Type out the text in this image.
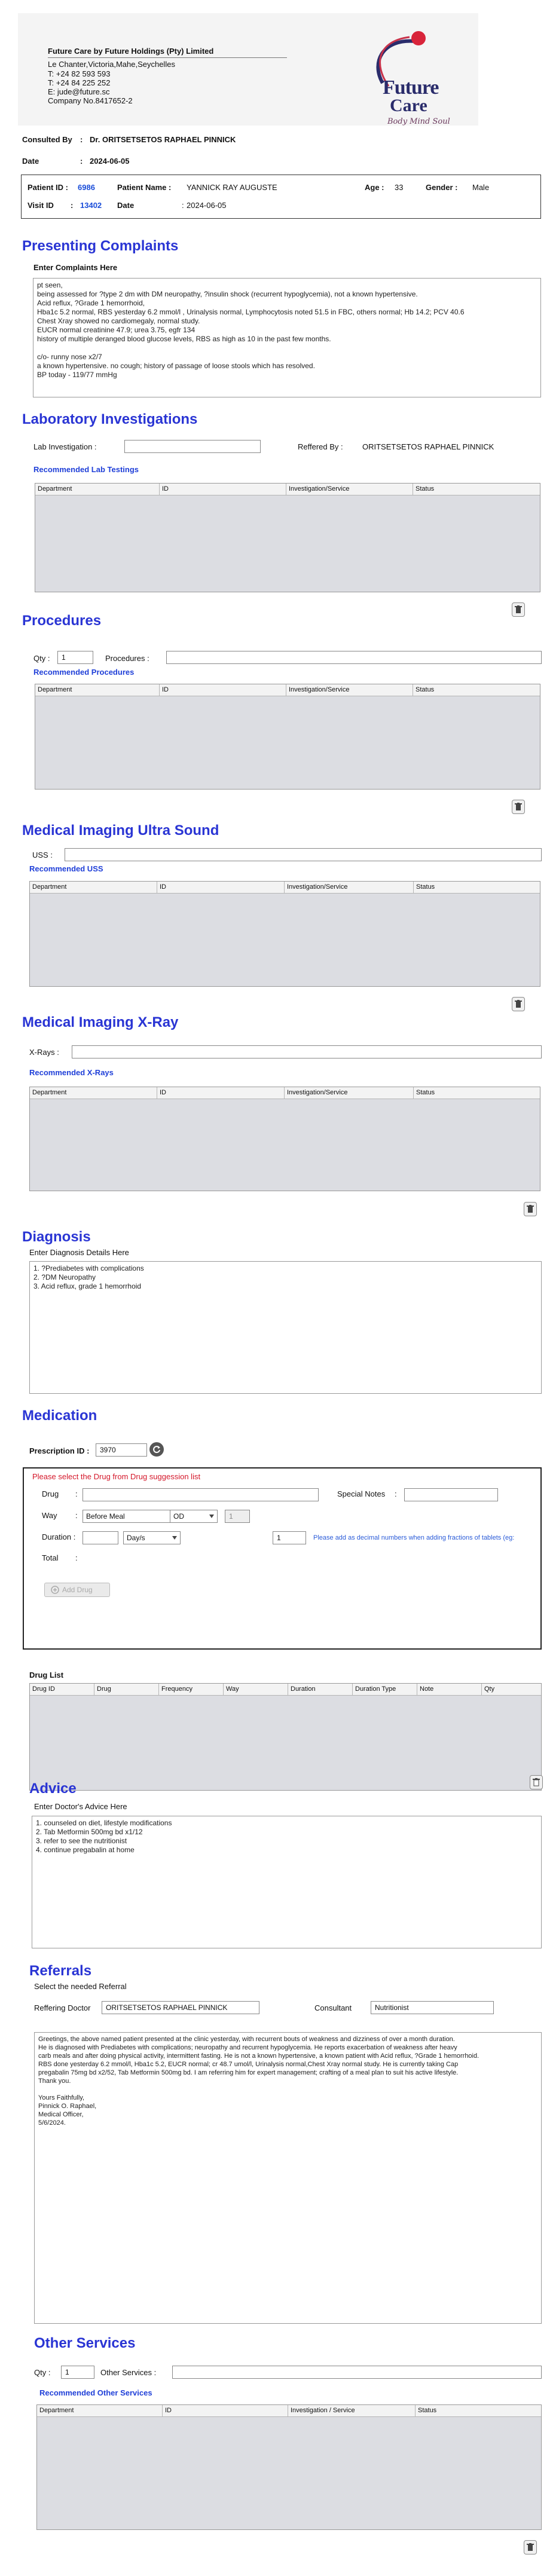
Future Care by Future Holdings (Pty) Limited
Le Chanter,Victoria,Mahe,Seychelles
T: +24 82 593 593
T: +24 84 225 252
E: jude@future.sc
Company No.8417652-2
Future
Care
Body Mind Soul
Consulted By : Dr. ORITSETSETOS RAPHAEL PINNICK
Date	: 2024-06-05
Patient ID : 6986	Patient Name : YANNICK RAY AUGUSTE	Age : 33	Gender : Male
Visit ID : 13402 Date	: 2024-06-05
Presenting Complaints
Enter Complaints Here
pt seen,
being assessed for ?type 2 dm with DM neuropathy, ?insulin shock (recurrent hypoglycemia), not a known hypertensive.
Acid reflux, ?Grade 1 hemorrhoid,
Hba1c 5.2 normal, RBS yesterday 6.2 mmol/l , Urinalysis normal, Lymphocytosis noted 51.5 in FBC, others normal; Hb 14.2; PCV 40.6
Chest Xray showed no cardiomegaly, normal study.
EUCR normal creatinine 47.9; urea 3.75, egfr 134
history of multiple deranged blood glucose levels, RBS as high as 10 in the past few months.

c/o- runny nose x2/7
a known hypertensive. no cough; history of passage of loose stools which has resolved.
BP today - 119/77 mmHg
Laboratory Investigations
Lab Investigation :	Reffered By : ORITSETSETOS RAPHAEL PINNICK
Recommended Lab Testings
Department	ID	Investigation/Service	Status
Procedures
Qty :	1	Procedures :
Recommended Procedures
Department	ID	Investigation/Service	Status
Medical Imaging Ultra Sound
USS :
Recommended USS
Department	ID	Investigation/Service	Status
Medical Imaging X-Ray
X-Rays :
Recommended X-Rays
Department	ID	Investigation/Service	Status
Diagnosis
Enter Diagnosis Details Here
1. ?Prediabetes with complications
2. ?DM Neuropathy
3. Acid reflux, grade 1 hemorrhoid
Medication
Prescription ID :	3970
Please select the Drug from Drug suggession list
Drug :	Special Notes :
Way : Before Meal	OD	1
Duration :	Day/s	1	Please add as decimal numbers when adding fractions of tablets (eg:
Total :
Add Drug
Drug List
Drug ID	Drug	Frequency	Way	Duration	Duration Type	Note	Qty
Advice
Enter Doctor's Advice Here
1. counseled on diet, lifestyle modifications
2. Tab Metformin 500mg bd x1/12
3. refer to see the nutritionist
4. continue pregabalin at home
Referrals
Select the needed Referral
Reffering Doctor	ORITSETSETOS RAPHAEL PINNICK	Consultant	Nutritionist
Greetings, the above named patient presented at the clinic yesterday, with recurrent bouts of weakness and dizziness of over a month duration.
He is diagnosed with Prediabetes with complications; neuropathy and recurrent hypoglycemia. He reports exacerbation of weakness after heavy
carb meals and after doing physical activity, intermittent fasting. He is not a known hypertensive, a known patient with Acid reflux, ?Grade 1 hemorrhoid.
RBS done yesterday 6.2 mmol/l, Hba1c 5.2, EUCR normal; cr 48.7 umol/l, Urinalysis normal,Chest Xray normal study. He is currently taking Cap
pregabalin 75mg bd x2/52, Tab Metformin 500mg bd. I am referring him for expert management; crafting of a meal plan to suit his active lifestyle.
Thank you.

Yours Faithfully,
Pinnick O. Raphael,
Medical Officer,
5/6/2024.
Other Services
Qty :	1	Other Services :
Recommended Other Services
Department	ID	Investigation / Service	Status
